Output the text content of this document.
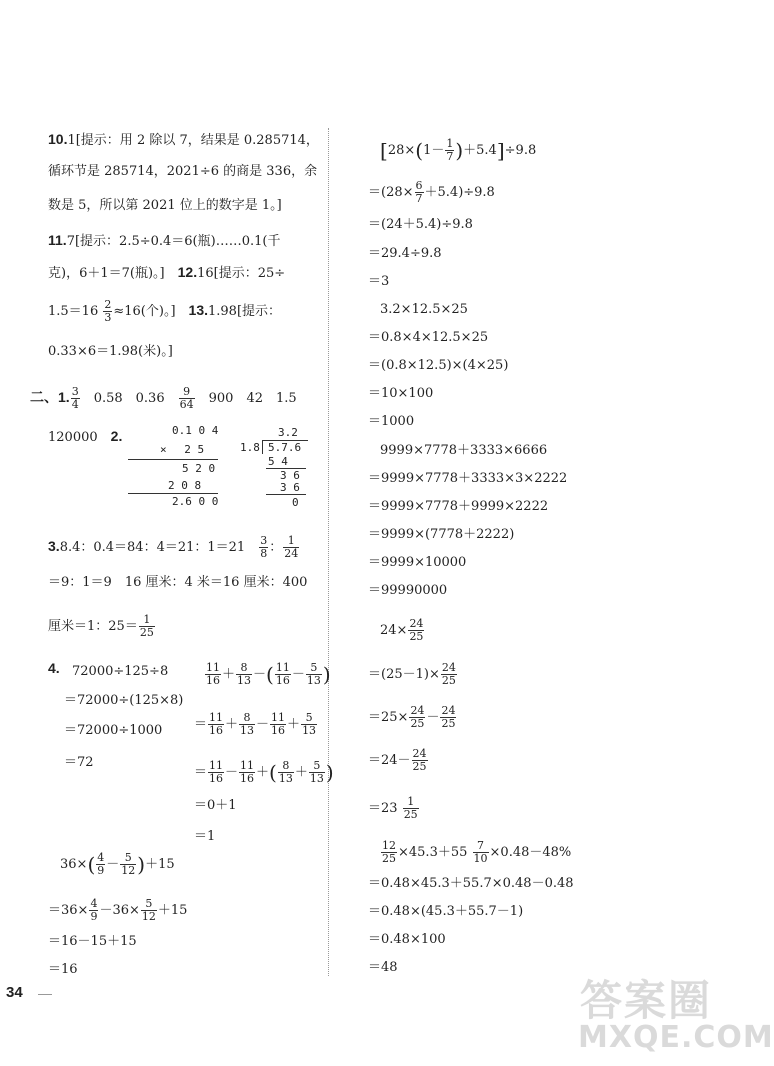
10.1[提示：用 2 除以 7，结果是 0.285714，
循环节是 285714，2021÷6 的商是 336，余
数是 5，所以第 2021 位上的数字是 1。]
11.7[提示：2.5÷0.4＝6(瓶)……0.1(千
克)，6＋1＝7(瓶)。]　 12.16[提示：25÷
$1.5=16 \frac{2}{3} \approx 16$(个)。]　 13.1.98[提示：
0.33×6＝1.98(米)。]
二、1. $\frac{3}{4}$
　 0.58　0.36　 $\frac{9}{64}$
　 900　42　1.5
120000　 2.	0.1 0 4
×　 2 5
5 2 0
2 0 8
2.6 0 0
3.2
1.8 5.7.6
5 4
3 6
3 6
0
3.8.4：0.4＝84：4＝21：1＝21　 $\frac{3}{8}$ ： $\frac{1}{24}$
＝9：1＝9　16 厘米：4 米＝16 厘米：400
厘米＝1：$25= \frac{1}{25}$
4. 72000÷125÷8
＝72000÷(125×8)
＝72000÷1000
＝72
$\frac{11}{16} + \frac{8}{13}$ －( $\frac{11}{16} - \frac{5}{13}$ )
＝ $\frac{11}{16} + \frac{8}{13} - \frac{11}{16} + \frac{5}{13}$
＝ $\frac{11}{16} - \frac{11}{16}$ ＋( $\frac{8}{13} + \frac{5}{13}$ )
＝0＋1
＝1
$36\times( \frac{4}{9} - \frac{5}{12} )+15$
$=36\times \frac{4}{9} -36\times \frac{5}{12} +15$
＝16－15＋15
＝16
34
$[28\times(1- \frac{1}{7} )+5.4]\div 9.8$
$=(28\times \frac{6}{7} +5.4)\div 9.8$
＝(24＋5.4)÷9.8
＝29.4÷9.8
＝3
3.2×12.5×25
＝0.8×4×12.5×25
＝(0.8×12.5)×(4×25)
＝10×100
＝1000
9999×7778＋3333×6666
＝9999×7778＋3333×3×2222
＝9999×7778＋9999×2222
＝9999×(7778＋2222)
＝9999×10000
＝99990000
$24\times \frac{24}{25}$
$=(25-1)\times \frac{24}{25}$
$=25\times \frac{24}{25} - \frac{24}{25}$
$=24- \frac{24}{25}$
$=23 \frac{1}{25}$
$\frac{12}{25} \times 45.3+55 \frac{7}{10} \times 0.48-48\%$
＝0.48×45.3＋55.7×0.48－0.48
＝0.48×(45.3＋55.7－1)
＝0.48×100
＝48
答案圈
MXQE.COM
